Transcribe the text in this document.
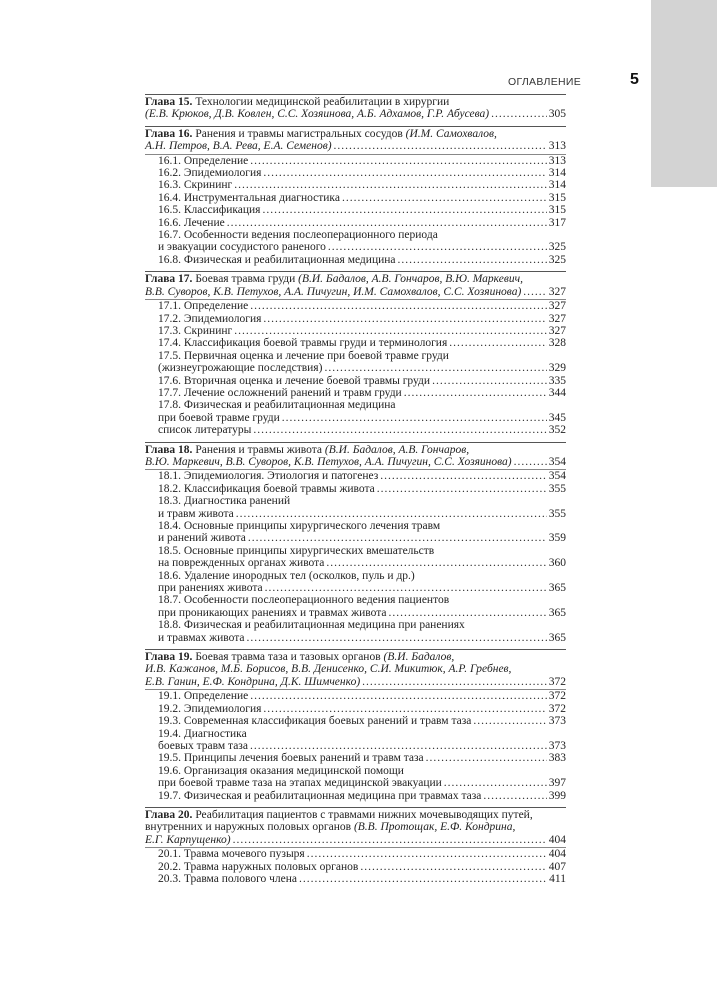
ОГЛАВЛЕНИЕ	5

Глава 15. Технологии медицинской реабилитации в хирургии

(Е.В. Крюков, Д.В. Ковлен, С.С. Хозяинова, А.Б. Адхамов, Г.Р. Абусева) .....	305

Глава 16. Ранения и травмы магистральных сосудов (И.М. Самохвалов,

А.Н. Петров, В.А. Рева, Е.А. Семенов) .....	313
16.1. Определение .....	313
16.2. Эпидемиология .....	314
16.3. Скрининг .....	314
16.4. Инструментальная диагностика .....	315
16.5. Классификация .....	315
16.6. Лечение .....	317
16.7. Особенности ведения послеоперационного периода
и эвакуации сосудистого раненого .....	325
16.8. Физическая и реабилитационная медицина .....	325

Глава 17. Боевая травма груди (В.И. Бадалов, А.В. Гончаров, В.Ю. Маркевич,

В.В. Суворов, К.В. Петухов, А.А. Пичугин, И.М. Самохвалов, С.С. Хозяинова) ..... 327
17.1. Определение .....	327
17.2. Эпидемиология .....	327
17.3. Скрининг .....	327
17.4. Классификация боевой травмы груди и терминология .....	328
17.5. Первичная оценка и лечение при боевой травме груди
(жизнеугрожающие последствия) .....	329
17.6. Вторичная оценка и лечение боевой травмы груди .....	335
17.7. Лечение осложнений ранений и травм груди .....	344
17.8. Физическая и реабилитационная медицина
при боевой травме груди .....	345
список литературы .....	352

Глава 18. Ранения и травмы живота (В.И. Бадалов, А.В. Гончаров,

В.Ю. Маркевич, В.В. Суворов, К.В. Петухов, А.А. Пичугин, С.С. Хозяинова) .....	354
18.1. Эпидемиология. Этиология и патогенез .....	354
18.2. Классификация боевой травмы живота .....	355
18.3. Диагностика ранений
и травм живота .....	355
18.4. Основные принципы хирургического лечения травм
и ранений живота .....	359
18.5. Основные принципы хирургических вмешательств
на поврежденных органах живота .....	360
18.6. Удаление инородных тел (осколков, пуль и др.)
при ранениях живота .....	365
18.7. Особенности послеоперационного ведения пациентов
при проникающих ранениях и травмах живота .....	365
18.8. Физическая и реабилитационная медицина при ранениях
и травмах живота .....	365

Глава 19. Боевая травма таза и тазовых органов (В.И. Бадалов,
И.В. Кажанов, М.Б. Борисов, В.В. Денисенко, С.И. Микитюк, А.Р. Гребнев,

Е.В. Ганин, Е.Ф. Кондрина, Д.К. Шимченко) .....	372
19.1. Определение .....	372
19.2. Эпидемиология .....	372
19.3. Современная классификация боевых ранений и травм таза .....	373
19.4. Диагностика
боевых травм таза .....	373
19.5. Принципы лечения боевых ранений и травм таза .....	383
19.6. Организация оказания медицинской помощи
при боевой травме таза на этапах медицинской эвакуации .....	397
19.7. Физическая и реабилитационная медицина при травмах таза .....	399

Глава 20. Реабилитация пациентов с травмами нижних мочевыводящих путей,
внутренних и наружных половых органов (В.В. Протощак, Е.Ф. Кондрина,

Е.Г. Карпущенко) .....	404
20.1. Травма мочевого пузыря .....	404
20.2. Травма наружных половых органов .....	407
20.3. Травма полового члена .....	411
